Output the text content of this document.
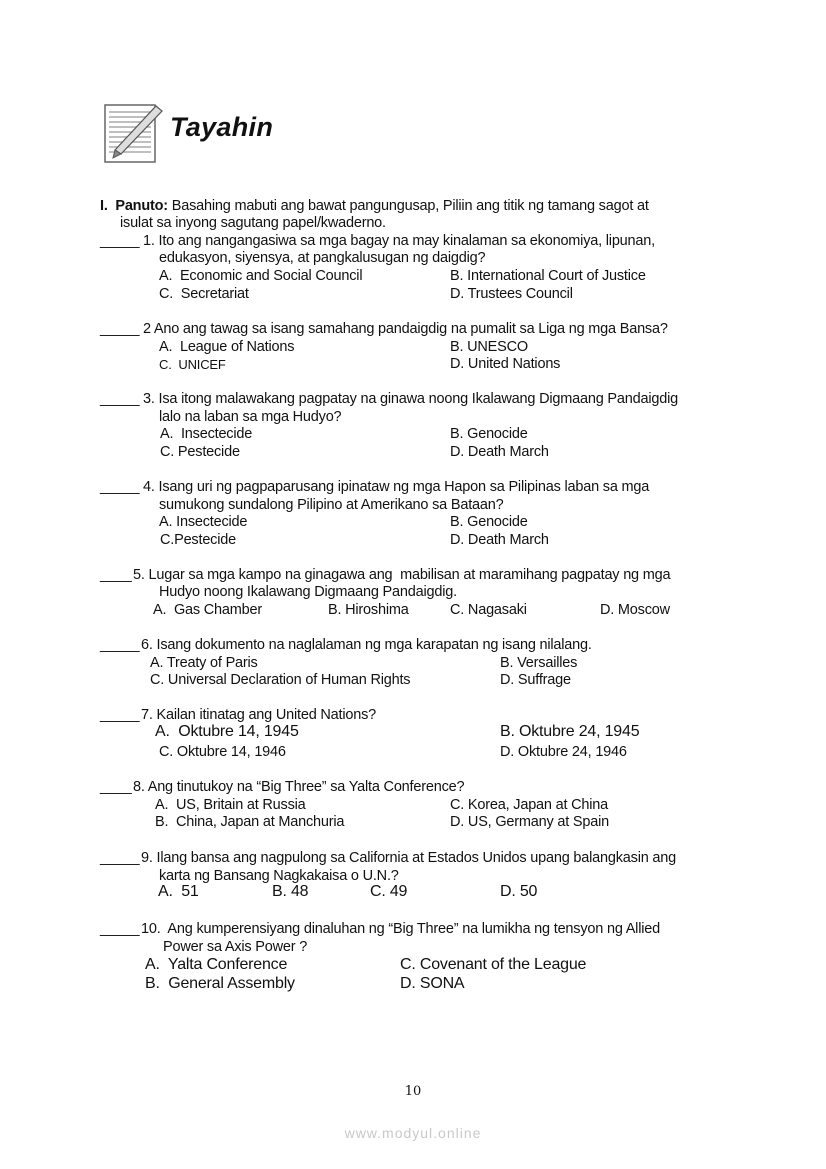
Tayahin
I. Panuto: Basahing mabuti ang bawat pangungusap, Piliin ang titik ng tamang sagot at
isulat sa inyong sagutang papel/kwaderno.
_____ 1. Ito ang nangangasiwa sa mga bagay na may kinalaman sa ekonomiya, lipunan,
edukasyon, siyensya, at pangkalusugan ng daigdig?
A.  Economic and Social Council	B. International Court of Justice
C.  Secretariat	D. Trustees Council
_____ 2 Ano ang tawag sa isang samahang pandaigdig na pumalit sa Liga ng mga Bansa?
A.  League of Nations	B. UNESCO
C.  UNICEF	D. United Nations
_____ 3. Isa itong malawakang pagpatay na ginawa noong Ikalawang Digmaang Pandaigdig
lalo na laban sa mga Hudyo?
A.  Insectecide	B. Genocide
C. Pestecide	D. Death March
_____ 4. Isang uri ng pagpaparusang ipinataw ng mga Hapon sa Pilipinas laban sa mga
sumukong sundalong Pilipino at Amerikano sa Bataan?
A. Insectecide	B. Genocide
C.Pestecide	D. Death March
____ 5. Lugar sa mga kampo na ginagawa ang  mabilisan at maramihang pagpatay ng mga
Hudyo noong Ikalawang Digmaang Pandaigdig.
A.  Gas Chamber	B. Hiroshima	C. Nagasaki	D. Moscow
_____ 6. Isang dokumento na naglalaman ng mga karapatan ng isang nilalang.
A. Treaty of Paris	B. Versailles
C. Universal Declaration of Human Rights	D. Suffrage
_____ 7. Kailan itinatag ang United Nations?
A.  Oktubre 14, 1945	B. Oktubre 24, 1945
C. Oktubre 14, 1946	D. Oktubre 24, 1946
____ 8. Ang tinutukoy na “Big Three” sa Yalta Conference?
A.  US, Britain at Russia	C. Korea, Japan at China
B.  China, Japan at Manchuria	D. US, Germany at Spain
_____ 9. Ilang bansa ang nagpulong sa California at Estados Unidos upang balangkasin ang
karta ng Bansang Nagkakaisa o U.N.?
A.  51	B. 48	C. 49	D. 50
_____ 10.  Ang kumperensiyang dinaluhan ng “Big Three” na lumikha ng tensyon ng Allied
Power sa Axis Power ?
A.  Yalta Conference	C. Covenant of the League
B.  General Assembly	D. SONA
10
www.modyul.online
